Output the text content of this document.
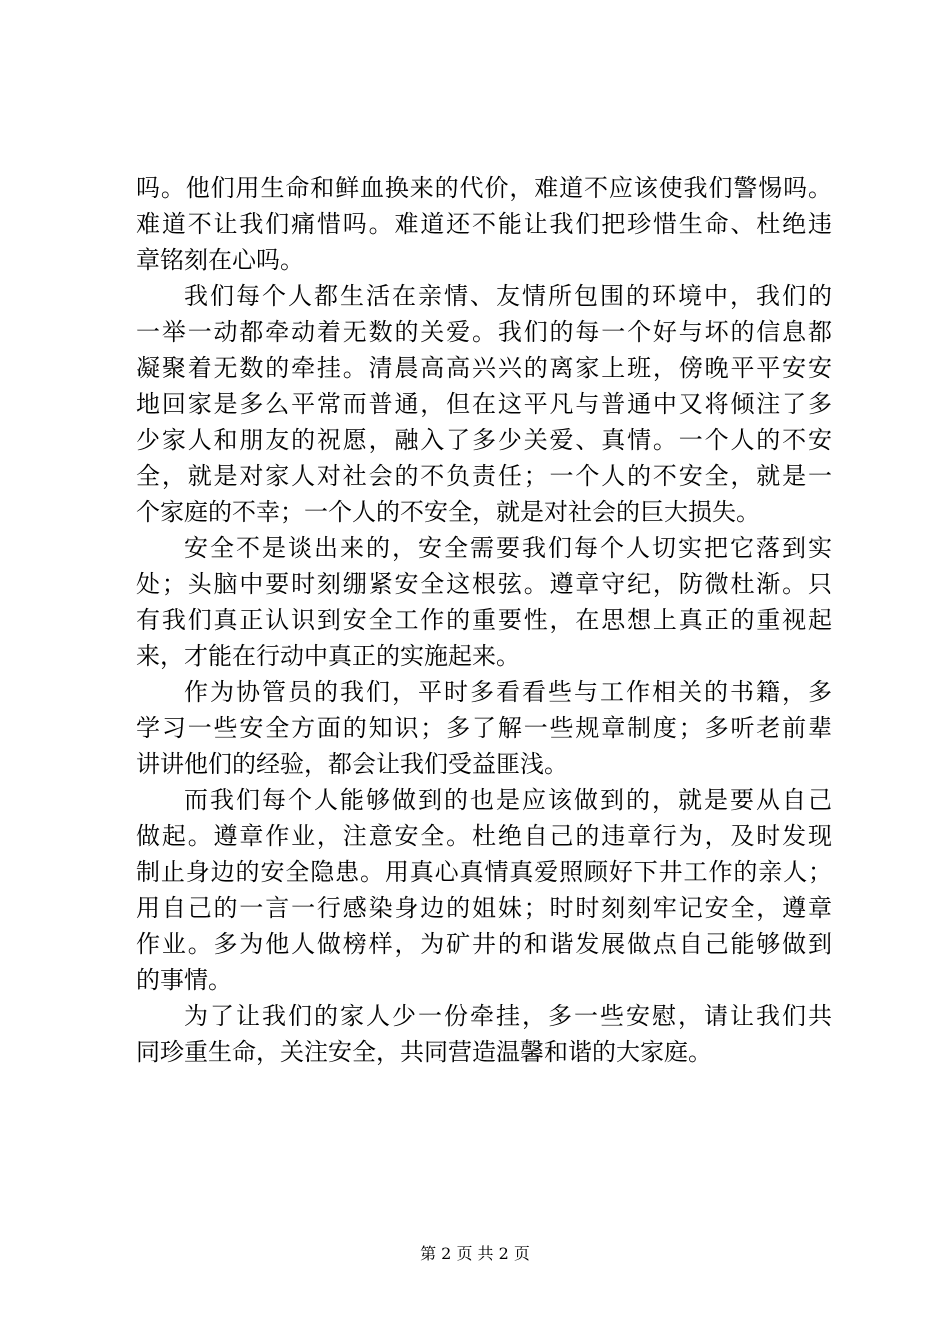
吗。他们用生命和鲜血换来的代价，难道不应该使我们警惕吗。
难道不让我们痛惜吗。难道还不能让我们把珍惜生命、杜绝违
章铭刻在心吗。
我们每个人都生活在亲情、友情所包围的环境中，我们的
一举一动都牵动着无数的关爱。我们的每一个好与坏的信息都
凝聚着无数的牵挂。清晨高高兴兴的离家上班，傍晚平平安安
地回家是多么平常而普通，但在这平凡与普通中又将倾注了多
少家人和朋友的祝愿，融入了多少关爱、真情。一个人的不安
全，就是对家人对社会的不负责任；一个人的不安全，就是一
个家庭的不幸；一个人的不安全，就是对社会的巨大损失。
安全不是谈出来的，安全需要我们每个人切实把它落到实
处；头脑中要时刻绷紧安全这根弦。遵章守纪，防微杜渐。只
有我们真正认识到安全工作的重要性，在思想上真正的重视起
来，才能在行动中真正的实施起来。
作为协管员的我们，平时多看看些与工作相关的书籍，多
学习一些安全方面的知识；多了解一些规章制度；多听老前辈
讲讲他们的经验，都会让我们受益匪浅。
而我们每个人能够做到的也是应该做到的，就是要从自己
做起。遵章作业，注意安全。杜绝自己的违章行为，及时发现
制止身边的安全隐患。用真心真情真爱照顾好下井工作的亲人；
用自己的一言一行感染身边的姐妹；时时刻刻牢记安全，遵章
作业。多为他人做榜样，为矿井的和谐发展做点自己能够做到
的事情。
为了让我们的家人少一份牵挂，多一些安慰，请让我们共
同珍重生命，关注安全，共同营造温馨和谐的大家庭。
第 2 页 共 2 页
